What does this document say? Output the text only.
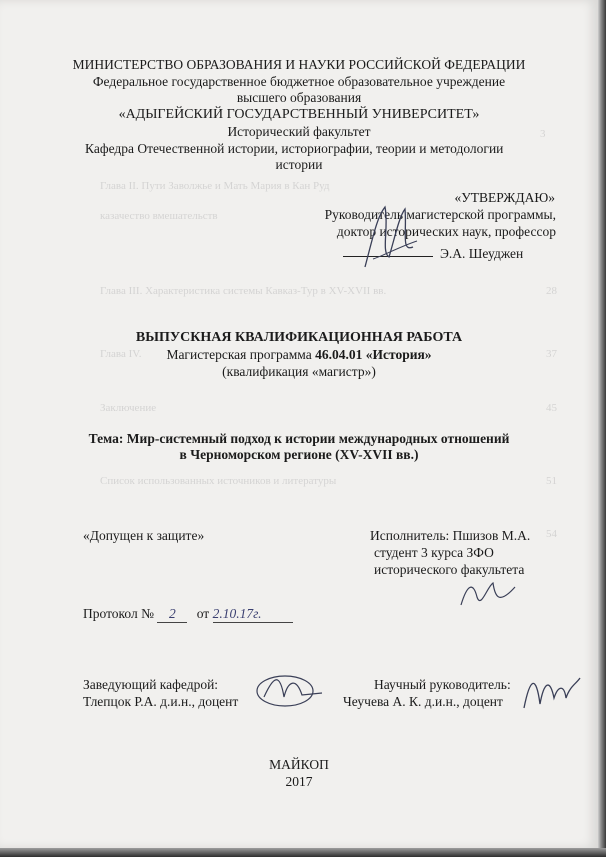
3
Глава II. Пути Заволжье и Мать Мария в Кан Руд
казачество вмешательств
Глава III. Характеристика системы Кавказ-Тур в XV-XVII вв.	28
Глава IV.	37
Заключение	45
Список использованных источников и литературы	51
54
МИНИСТЕРСТВО ОБРАЗОВАНИЯ И НАУКИ РОССИЙСКОЙ ФЕДЕРАЦИИ
Федеральное государственное бюджетное образовательное учреждение
высшего образования
«АДЫГЕЙСКИЙ ГОСУДАРСТВЕННЫЙ УНИВЕРСИТЕТ»
Исторический факультет
Кафедра Отечественной истории, историографии, теории и методологии
истории
«УТВЕРЖДАЮ»
Руководитель магистерской программы,
доктор исторических наук, профессор
Э.А. Шеуджен
ВЫПУСКНАЯ КВАЛИФИКАЦИОННАЯ РАБОТА
Магистерская программа 46.04.01 «История»
(квалификация «магистр»)
Тема: Мир-системный подход к истории международных отношений
в Черноморском регионе (XV-XVII вв.)
«Допущен к защите»	Исполнитель: Пшизов М.А.
студент 3 курса ЗФО
исторического факультета
Протокол № 2 от 2.10.17г.
Заведующий кафедрой:
Тлепцок Р.А. д.и.н., доцент
Научный руководитель:
Чеучева А. К. д.и.н., доцент
МАЙКОП
2017
